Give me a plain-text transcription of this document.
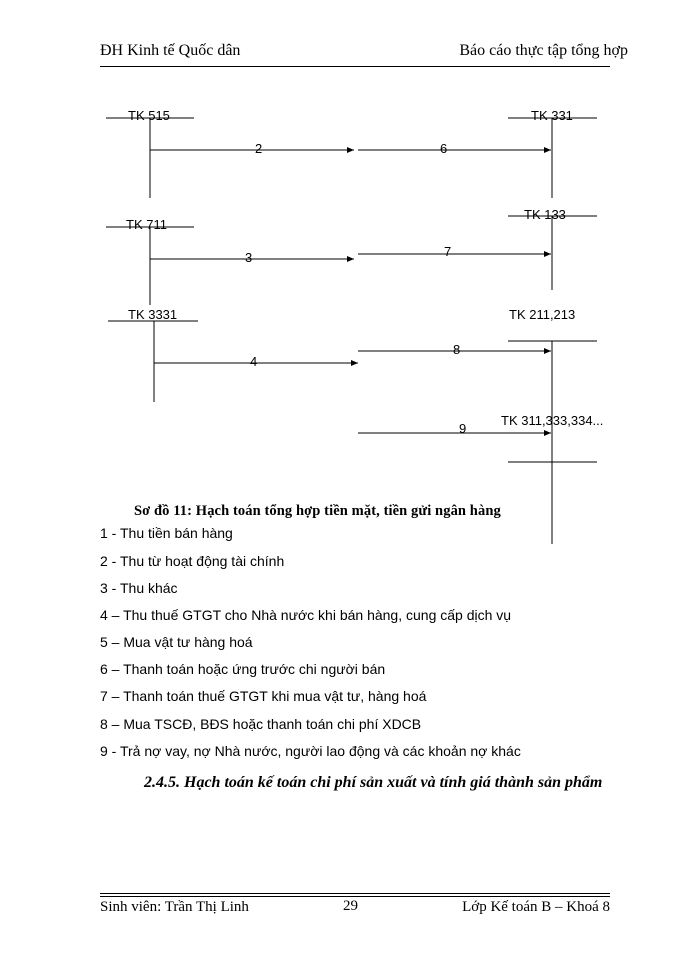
ĐH Kinh tế Quốc dân	Báo cáo thực tập tổng hợp
TK 515
TK 711
TK 3331
TK 331
TK 133
TK 211,213
TK 311,333,334...
2	6
3	7
4
8
9
Sơ đồ 11: Hạch toán tổng hợp tiền mặt, tiền gửi ngân hàng
1 - Thu tiền bán hàng
2 - Thu từ hoạt động tài chính
3 - Thu khác
4 – Thu thuế GTGT cho Nhà nước khi bán hàng, cung cấp dịch vụ
5 – Mua vật tư hàng hoá
6 – Thanh toán hoặc ứng trước chi người bán
7 – Thanh toán thuế GTGT khi mua vật tư, hàng hoá
8 – Mua TSCĐ, BĐS hoặc thanh toán chi phí XDCB
9 - Trả nợ vay, nợ Nhà nước, người lao động và các khoản nợ khác
2.4.5. Hạch toán kế toán chi phí sản xuất và tính giá thành sản phẩm
Sinh viên: Trần Thị Linh	29	Lớp Kế toán B – Khoá 8
